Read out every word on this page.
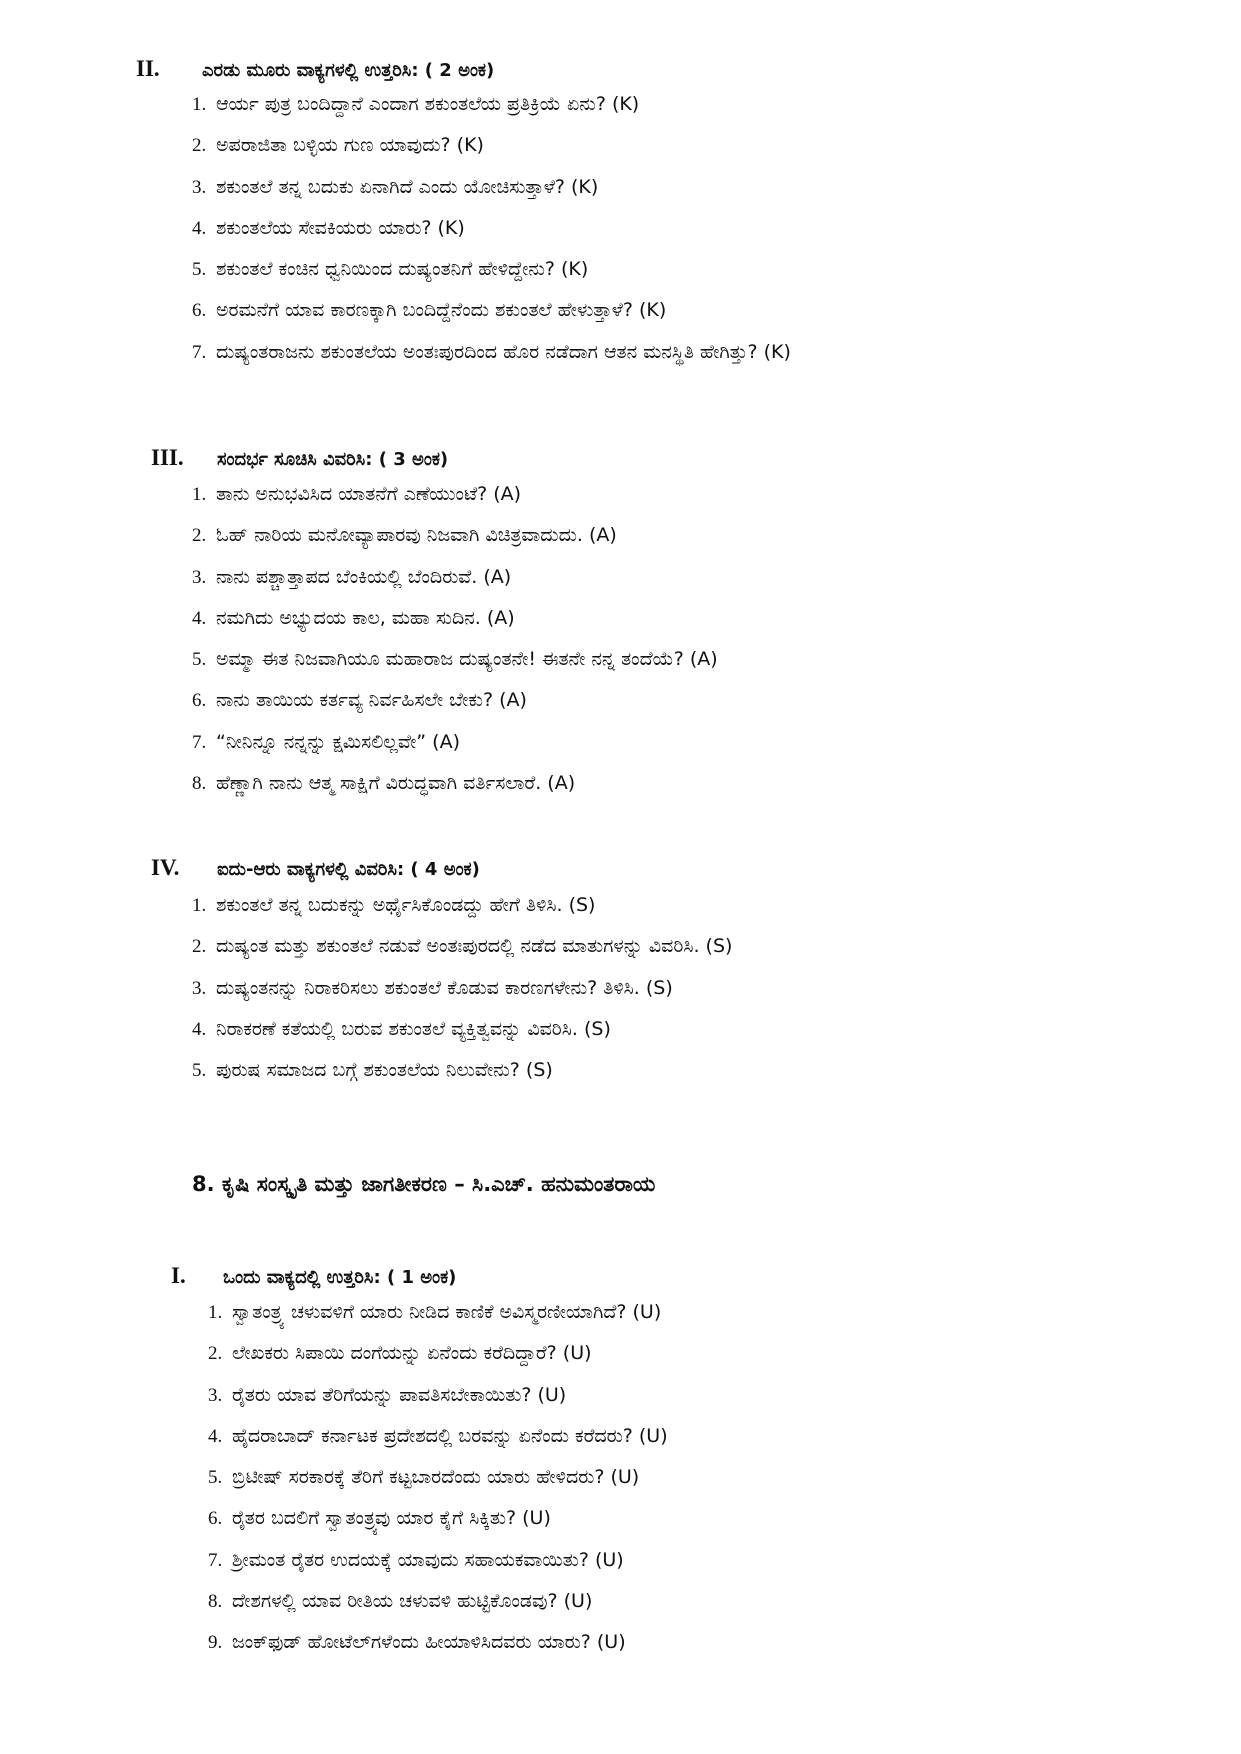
II.	ಎರಡು ಮೂರು ವಾಕ್ಯಗಳಲ್ಲಿ ಉತ್ತರಿಸಿ: ( 2 ಅಂಕ)
1. ಆರ್ಯ ಪುತ್ರ ಬಂದಿದ್ದಾನೆ ಎಂದಾಗ ಶಕುಂತಲೆಯ ಪ್ರತಿಕ್ರಿಯೆ ಏನು? (K)
2. ಅಪರಾಜಿತಾ ಬಳ್ಳಿಯ ಗುಣ ಯಾವುದು? (K)
3. ಶಕುಂತಲೆ ತನ್ನ ಬದುಕು ಏನಾಗಿದೆ ಎಂದು ಯೋಚಿಸುತ್ತಾಳೆ? (K)
4. ಶಕುಂತಲೆಯ ಸೇವಕಿಯರು ಯಾರು? (K)
5. ಶಕುಂತಲೆ ಕಂಚಿನ ಧ್ವನಿಯಿಂದ ದುಷ್ಯಂತನಿಗೆ ಹೇಳಿದ್ದೇನು? (K)
6. ಅರಮನೆಗೆ ಯಾವ ಕಾರಣಕ್ಕಾಗಿ ಬಂದಿದ್ದೆನೆಂದು ಶಕುಂತಲೆ ಹೇಳುತ್ತಾಳೆ? (K)
7. ದುಷ್ಯಂತರಾಜನು ಶಕುಂತಲೆಯ ಅಂತಃಪುರದಿಂದ ಹೊರ ನಡೆದಾಗ ಆತನ ಮನಸ್ಥಿತಿ ಹೇಗಿತ್ತು? (K)
III.	ಸಂದರ್ಭ ಸೂಚಿಸಿ ವಿವರಿಸಿ: ( 3 ಅಂಕ)
1. ತಾನು ಅನುಭವಿಸಿದ ಯಾತನೆಗೆ ಎಣೆಯುಂಟೆ? (A)
2. ಓಹ್ ನಾರಿಯ ಮನೋವ್ಯಾಪಾರವು ನಿಜವಾಗಿ ವಿಚಿತ್ರವಾದುದು. (A)
3. ನಾನು ಪಶ್ಚಾತ್ತಾಪದ ಬೆಂಕಿಯಲ್ಲಿ ಬೆಂದಿರುವೆ. (A)
4. ನಮಗಿದು ಅಭ್ಯುದಯ ಕಾಲ, ಮಹಾ ಸುದಿನ. (A)
5. ಅಮ್ಮಾ ಈತ ನಿಜವಾಗಿಯೂ ಮಹಾರಾಜ ದುಷ್ಯಂತನೇ! ಈತನೇ ನನ್ನ ತಂದೆಯೆ? (A)
6. ನಾನು ತಾಯಿಯ ಕರ್ತವ್ಯ ನಿರ್ವಹಿಸಲೇ ಬೇಕು? (A)
7. “ನೀನಿನ್ನೂ ನನ್ನನ್ನು ಕ್ಷಮಿಸಲಿಲ್ಲವೇ” (A)
8. ಹೆಣ್ಣಾಗಿ ನಾನು ಆತ್ಮ ಸಾಕ್ಷಿಗೆ ವಿರುದ್ಧವಾಗಿ ವರ್ತಿಸಲಾರೆ. (A)
IV.	ಐದು-ಆರು ವಾಕ್ಯಗಳಲ್ಲಿ ವಿವರಿಸಿ: ( 4 ಅಂಕ)
1. ಶಕುಂತಲೆ ತನ್ನ ಬದುಕನ್ನು ಅರ್ಥೈಸಿಕೊಂಡದ್ದು ಹೇಗೆ ತಿಳಿಸಿ. (S)
2. ದುಷ್ಯಂತ ಮತ್ತು ಶಕುಂತಲೆ ನಡುವೆ ಅಂತಃಪುರದಲ್ಲಿ ನಡೆದ ಮಾತುಗಳನ್ನು ವಿವರಿಸಿ. (S)
3. ದುಷ್ಯಂತನನ್ನು ನಿರಾಕರಿಸಲು ಶಕುಂತಲೆ ಕೊಡುವ ಕಾರಣಗಳೇನು? ತಿಳಿಸಿ. (S)
4. ನಿರಾಕರಣೆ ಕತೆಯಲ್ಲಿ ಬರುವ ಶಕುಂತಲೆ ವ್ಯಕ್ತಿತ್ವವನ್ನು ವಿವರಿಸಿ. (S)
5. ಪುರುಷ ಸಮಾಜದ ಬಗ್ಗೆ ಶಕುಂತಲೆಯ ನಿಲುವೇನು? (S)
8. ಕೃಷಿ ಸಂಸ್ಕೃತಿ ಮತ್ತು ಜಾಗತೀಕರಣ – ಸಿ.ಎಚ್. ಹನುಮಂತರಾಯ
I.	ಒಂದು ವಾಕ್ಯದಲ್ಲಿ ಉತ್ತರಿಸಿ: ( 1 ಅಂಕ)
1. ಸ್ವಾತಂತ್ರ್ಯ ಚಳುವಳಿಗೆ ಯಾರು ನೀಡಿದ ಕಾಣಿಕೆ ಅವಿಸ್ಮರಣೀಯಾಗಿದೆ? (U)
2. ಲೇಖಕರು ಸಿಪಾಯಿ ದಂಗೆಯನ್ನು ಏನೆಂದು ಕರೆದಿದ್ದಾರೆ? (U)
3. ರೈತರು ಯಾವ ತೆರಿಗೆಯನ್ನು ಪಾವತಿಸಬೇಕಾಯಿತು? (U)
4. ಹೈದರಾಬಾದ್ ಕರ್ನಾಟಕ ಪ್ರದೇಶದಲ್ಲಿ ಬರವನ್ನು ಏನೆಂದು ಕರೆದರು? (U)
5. ಬ್ರಿಟೀಷ್ ಸರಕಾರಕ್ಕೆ ತೆರಿಗೆ ಕಟ್ಟಬಾರದೆಂದು ಯಾರು ಹೇಳಿದರು? (U)
6. ರೈತರ ಬದಲಿಗೆ ಸ್ವಾತಂತ್ರ್ಯವು ಯಾರ ಕೈಗೆ ಸಿಕ್ಕಿತು? (U)
7. ಶ್ರೀಮಂತ ರೈತರ ಉದಯಕ್ಕೆ ಯಾವುದು ಸಹಾಯಕವಾಯಿತು? (U)
8. ದೇಶಗಳಲ್ಲಿ ಯಾವ ರೀತಿಯ ಚಳುವಳಿ ಹುಟ್ಟಿಕೊಂಡವು? (U)
9. ಜಂಕ್‌ಫುಡ್ ಹೋಟೆಲ್‌ಗಳೆಂದು ಹೀಯಾಳಿಸಿದವರು ಯಾರು? (U)
